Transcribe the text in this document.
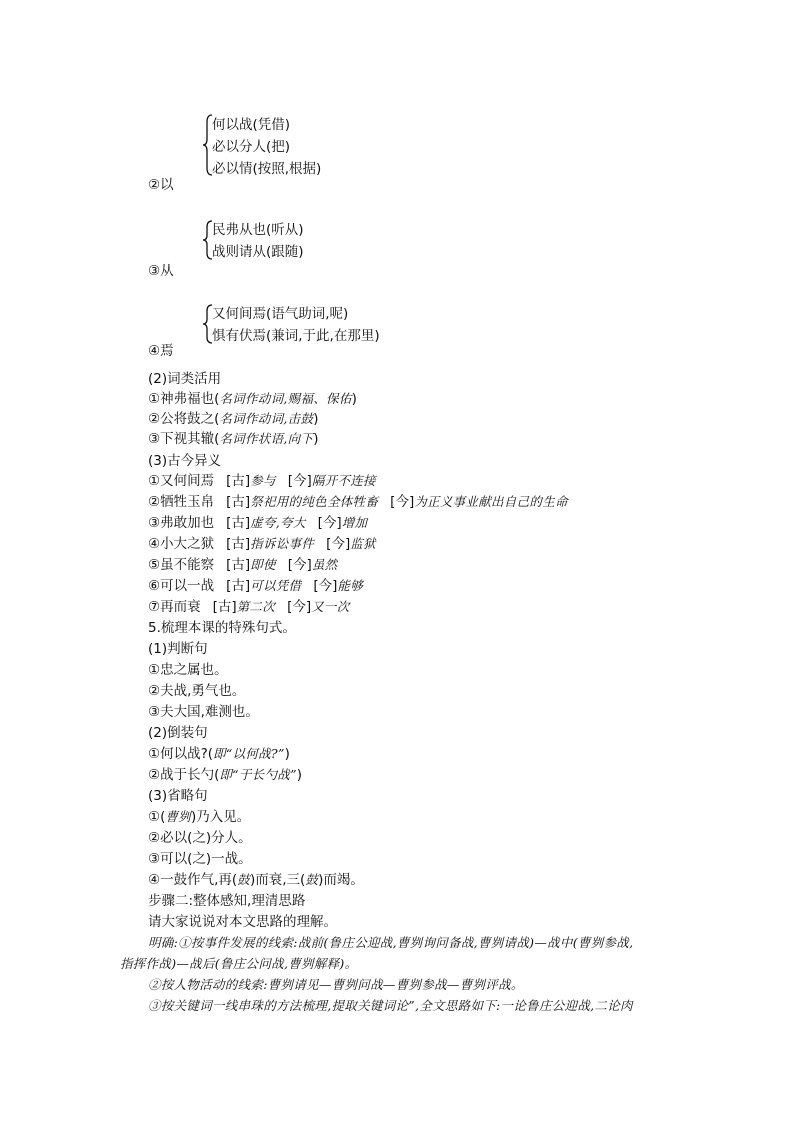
何以战(凭借)
必以分人(把)
必以情(按照,根据)
②以
民弗从也(听从)
战则请从(跟随)
③从
又何间焉(语气助词,呢)
惧有伏焉(兼词,于此,在那里)
④焉
(2)词类活用
①神弗福也(名词作动词,赐福、保佑)
②公将鼓之(名词作动词,击鼓)
③下视其辙(名词作状语,向下)
(3)古今异义
①又何间焉 [古]参与 [今]隔开不连接
②牺牲玉帛 [古]祭祀用的纯色全体牲畜 [今]为正义事业献出自己的生命
③弗敢加也 [古]虚夸,夸大 [今]增加
④小大之狱 [古]指诉讼事件 [今]监狱
⑤虽不能察 [古]即使 [今]虽然
⑥可以一战 [古]可以凭借 [今]能够
⑦再而衰 [古]第二次 [今]又一次
5.梳理本课的特殊句式。
(1)判断句
①忠之属也。
②夫战,勇气也。
③夫大国,难测也。
(2)倒装句
①何以战?(即“以何战?”)
②战于长勺(即“于长勺战”)
(3)省略句
①(曹刿)乃入见。
②必以(之)分人。
③可以(之)一战。
④一鼓作气,再(鼓)而衰,三(鼓)而竭。
步骤二:整体感知,理清思路
请大家说说对本文思路的理解。
明确:①按事件发展的线索:战前(鲁庄公迎战,曹刿询问备战,曹刿请战)—战中(曹刿参战,
指挥作战)—战后(鲁庄公问战,曹刿解释)。
②按人物活动的线索:曹刿请见—曹刿问战—曹刿参战—曹刿评战。
③按关键词一线串珠的方法梳理,提取关键词论”,全文思路如下:一论鲁庄公迎战,二论肉
